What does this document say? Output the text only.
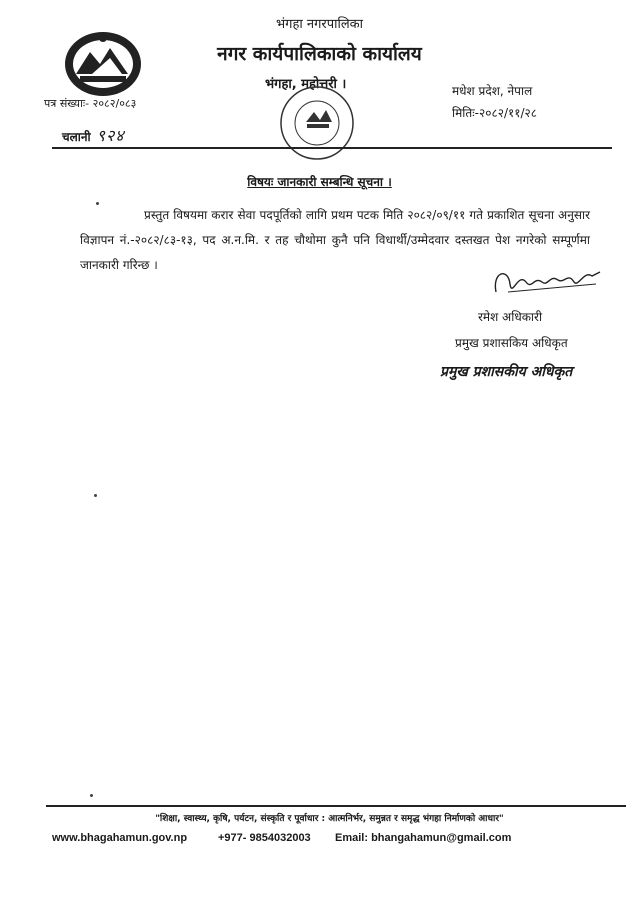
भंगहा नगरपालिका
नगर कार्यपालिकाको कार्यालय
भंगहा, महोत्तरी ।	मधेश प्रदेश, नेपाल
मितिः-२०८२/११/२८
पत्र संख्याः- २०८२/०८३
चलानी ९२४
विषयः जानकारी सम्बन्धि सूचना ।
प्रस्तुत विषयमा करार सेवा पदपूर्तिको लागि प्रथम पटक मिति २०८२/०९/११ गते प्रकाशित सूचना अनुसार विज्ञापन नं.-२०८२/८३-१३, पद अ.न.मि. र तह चौथोमा कुनै पनि विधार्थी/उम्मेदवार दस्तखत पेश नगरेको सम्पूर्णमा जानकारी गरिन्छ ।
रमेश अधिकारी
प्रमुख प्रशासकिय अधिकृत
प्रमुख प्रशासकीय अधिकृत
"शिक्षा, स्वास्थ्य, कृषि, पर्यटन, संस्कृति र पूर्वाधार : आत्मनिर्भर, समुन्नत र समृद्ध भंगहा निर्माणको आधार"
www.bhagahamun.gov.np	+977- 9854032003 Email: bhangahamun@gmail.com
